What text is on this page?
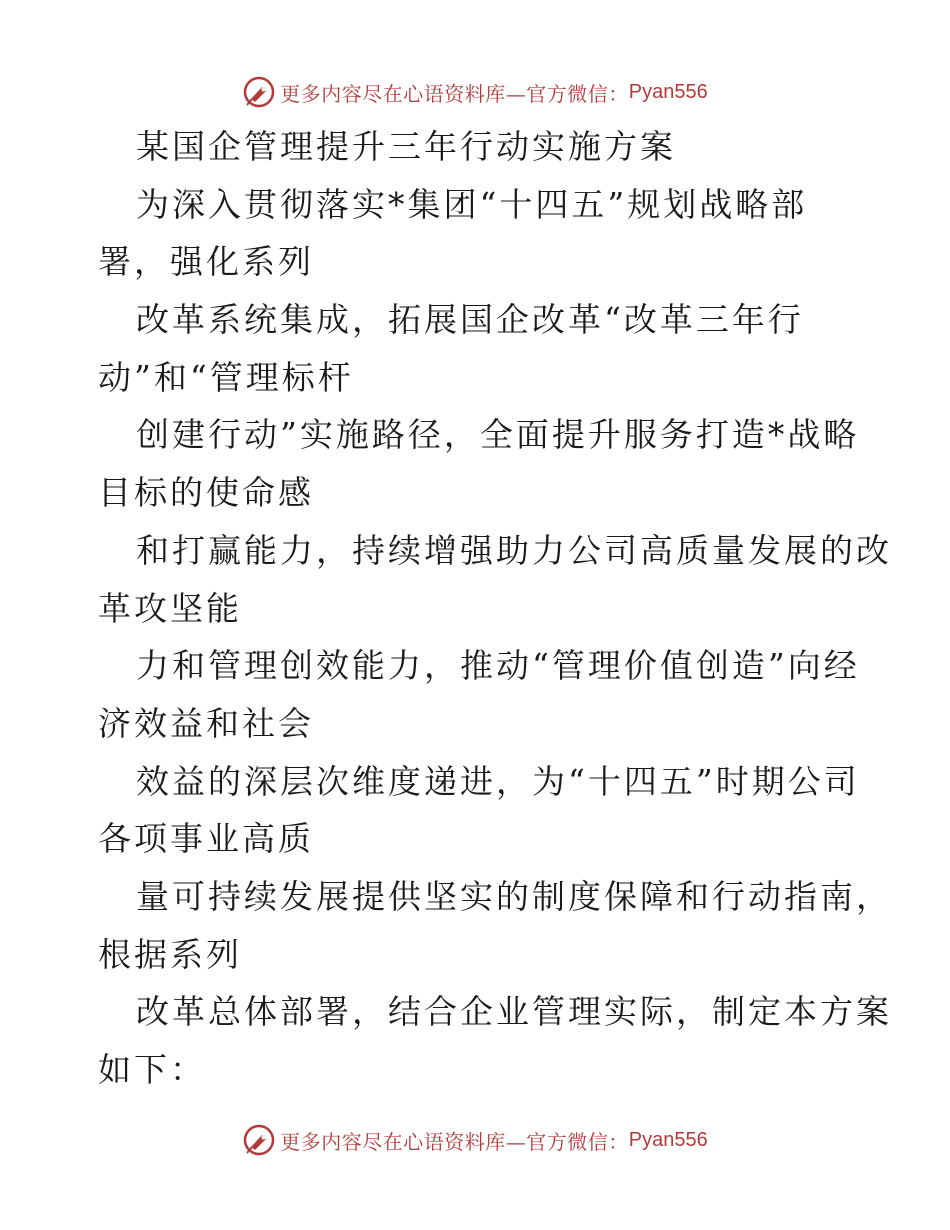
更多内容尽在心语资料库—官方微信： Pyan556
某国企管理提升三年行动实施方案
为深入贯彻落实*集团“十四五”规划战略部
署，强化系列
改革系统集成，拓展国企改革“改革三年行
动”和“管理标杆
创建行动”实施路径，全面提升服务打造*战略
目标的使命感
和打赢能力，持续增强助力公司高质量发展的改
革攻坚能
力和管理创效能力，推动“管理价值创造”向经
济效益和社会
效益的深层次维度递进，为“十四五”时期公司
各项事业高质
量可持续发展提供坚实的制度保障和行动指南，
根据系列
改革总体部署，结合企业管理实际，制定本方案
如下：
更多内容尽在心语资料库—官方微信： Pyan556
